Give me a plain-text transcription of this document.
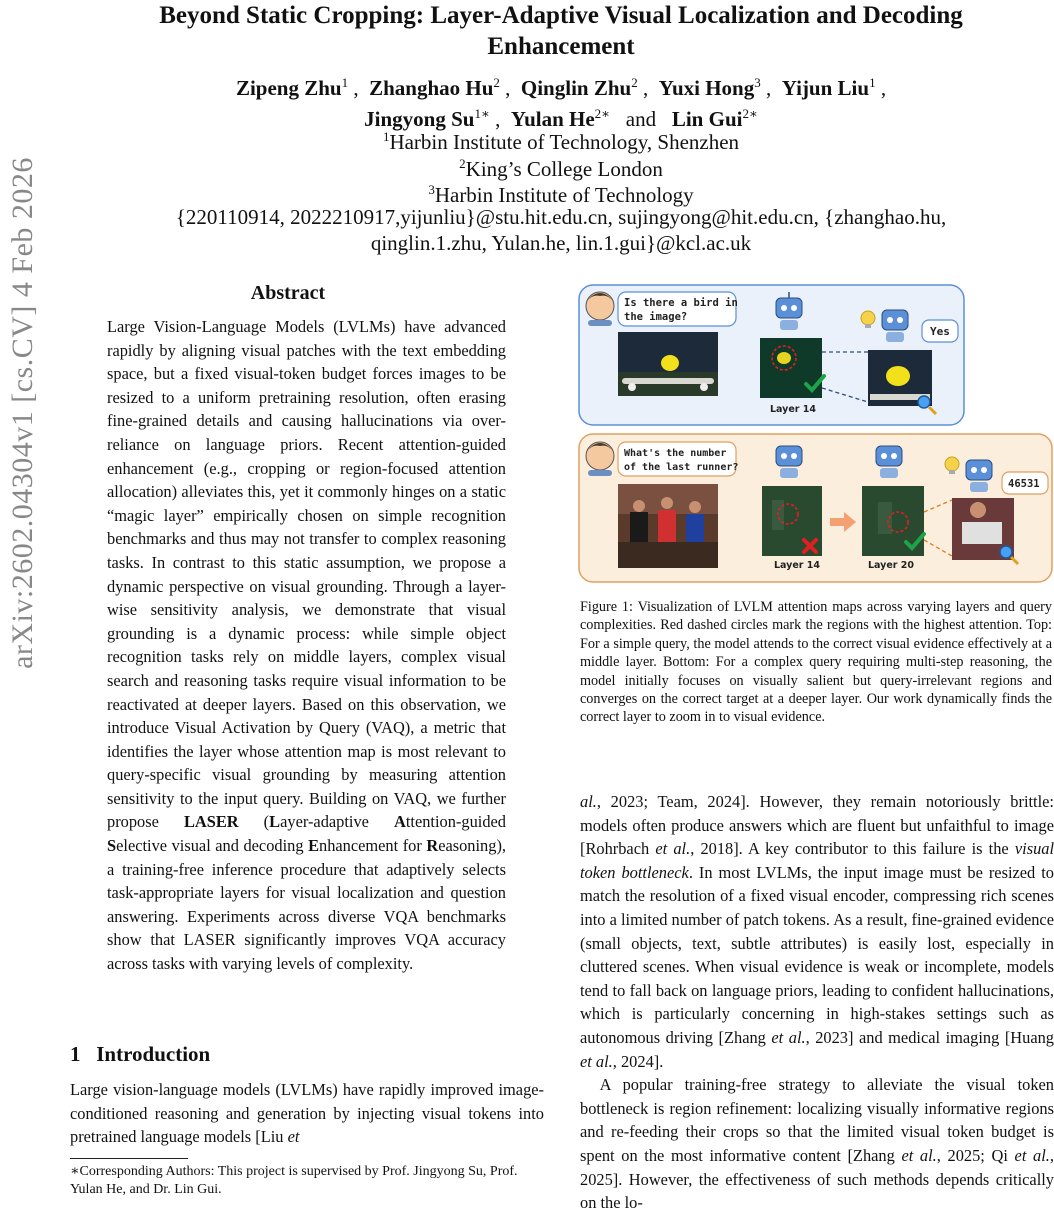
arXiv:2602.04304v1 [cs.CV] 4 Feb 2026
Beyond Static Cropping: Layer-Adaptive Visual Localization and Decoding
Enhancement
Zipeng Zhu$^1$ ,  Zhanghao Hu$^2$ ,  Qinglin Zhu$^2$ ,  Yuxi Hong$^3$ ,  Yijun Liu$^1$ ,
Jingyong $Su^{1∗}$ ,  Yulan $He^{2∗}$ and Lin Gui$^{2∗}$
$^1$Harbin Institute of Technology, Shenzhen
$^2$King’s College London
$^3$Harbin Institute of Technology
{220110914, 2022210917,yijunliu}@stu.hit.edu.cn, sujingyong@hit.edu.cn, {zhanghao.hu,
qinglin.1.zhu, Yulan.he, lin.1.gui}@kcl.ac.uk
Abstract
Large Vision-Language Models (LVLMs) have advanced rapidly by aligning visual patches with the text embedding space, but a fixed visual-token budget forces images to be resized to a uniform pretraining resolution, often erasing fine-grained details and causing hallucinations via over-reliance on language priors. Recent attention-guided enhancement (e.g., cropping or region-focused attention allocation) alleviates this, yet it commonly hinges on a static “magic layer” empirically chosen on simple recognition benchmarks and thus may not transfer to complex reasoning tasks. In contrast to this static assumption, we propose a dynamic perspective on visual grounding. Through a layer-wise sensitivity analysis, we demonstrate that visual grounding is a dynamic process: while simple object recognition tasks rely on middle layers, complex visual search and reasoning tasks require visual information to be reactivated at deeper layers. Based on this observation, we introduce Visual Activation by Query (VAQ), a metric that identifies the layer whose attention map is most relevant to query-specific visual grounding by measuring attention sensitivity to the input query. Building on VAQ, we further propose LASER (Layer-adaptive Attention-guided Selective visual and decoding Enhancement for Reasoning), a training-free inference procedure that adaptively selects task-appropriate layers for visual localization and question answering. Experiments across diverse VQA benchmarks show that LASER significantly improves VQA accuracy across tasks with varying levels of complexity.
1 Introduction
Large vision-language models (LVLMs) have rapidly improved image-conditioned reasoning and generation by injecting visual tokens into pretrained language models [Liu et
∗Corresponding Authors: This project is supervised by Prof. Jingyong Su, Prof. Yulan He, and Dr. Lin Gui.
Is there a bird in
the image?
Layer 14
Yes
What's the number
of the last runner?
Layer 14	Layer 20
46531
Figure 1: Visualization of LVLM attention maps across varying layers and query complexities. Red dashed circles mark the regions with the highest attention. Top: For a simple query, the model attends to the correct visual evidence effectively at a middle layer. Bottom: For a complex query requiring multi-step reasoning, the model initially focuses on visually salient but query-irrelevant regions and converges on the correct target at a deeper layer. Our work dynamically finds the correct layer to zoom in to visual evidence.

al., 2023; Team, 2024]. However, they remain notoriously brittle: models often produce answers which are fluent but unfaithful to image [Rohrbach et al., 2018]. A key contributor to this failure is the visual token bottleneck. In most LVLMs, the input image must be resized to match the resolution of a fixed visual encoder, compressing rich scenes into a limited number of patch tokens. As a result, fine-grained evidence (small objects, text, subtle attributes) is easily lost, especially in cluttered scenes. When visual evidence is weak or incomplete, models tend to fall back on language priors, leading to confident hallucinations, which is particularly concerning in high-stakes settings such as autonomous driving [Zhang et al., 2023] and medical imaging [Huang et al., 2024].

A popular training-free strategy to alleviate the visual token bottleneck is region refinement: localizing visually informative regions and re-feeding their crops so that the limited visual token budget is spent on the most informative content [Zhang et al., 2025; Qi et al., 2025]. However, the effectiveness of such methods depends critically on the lo-
